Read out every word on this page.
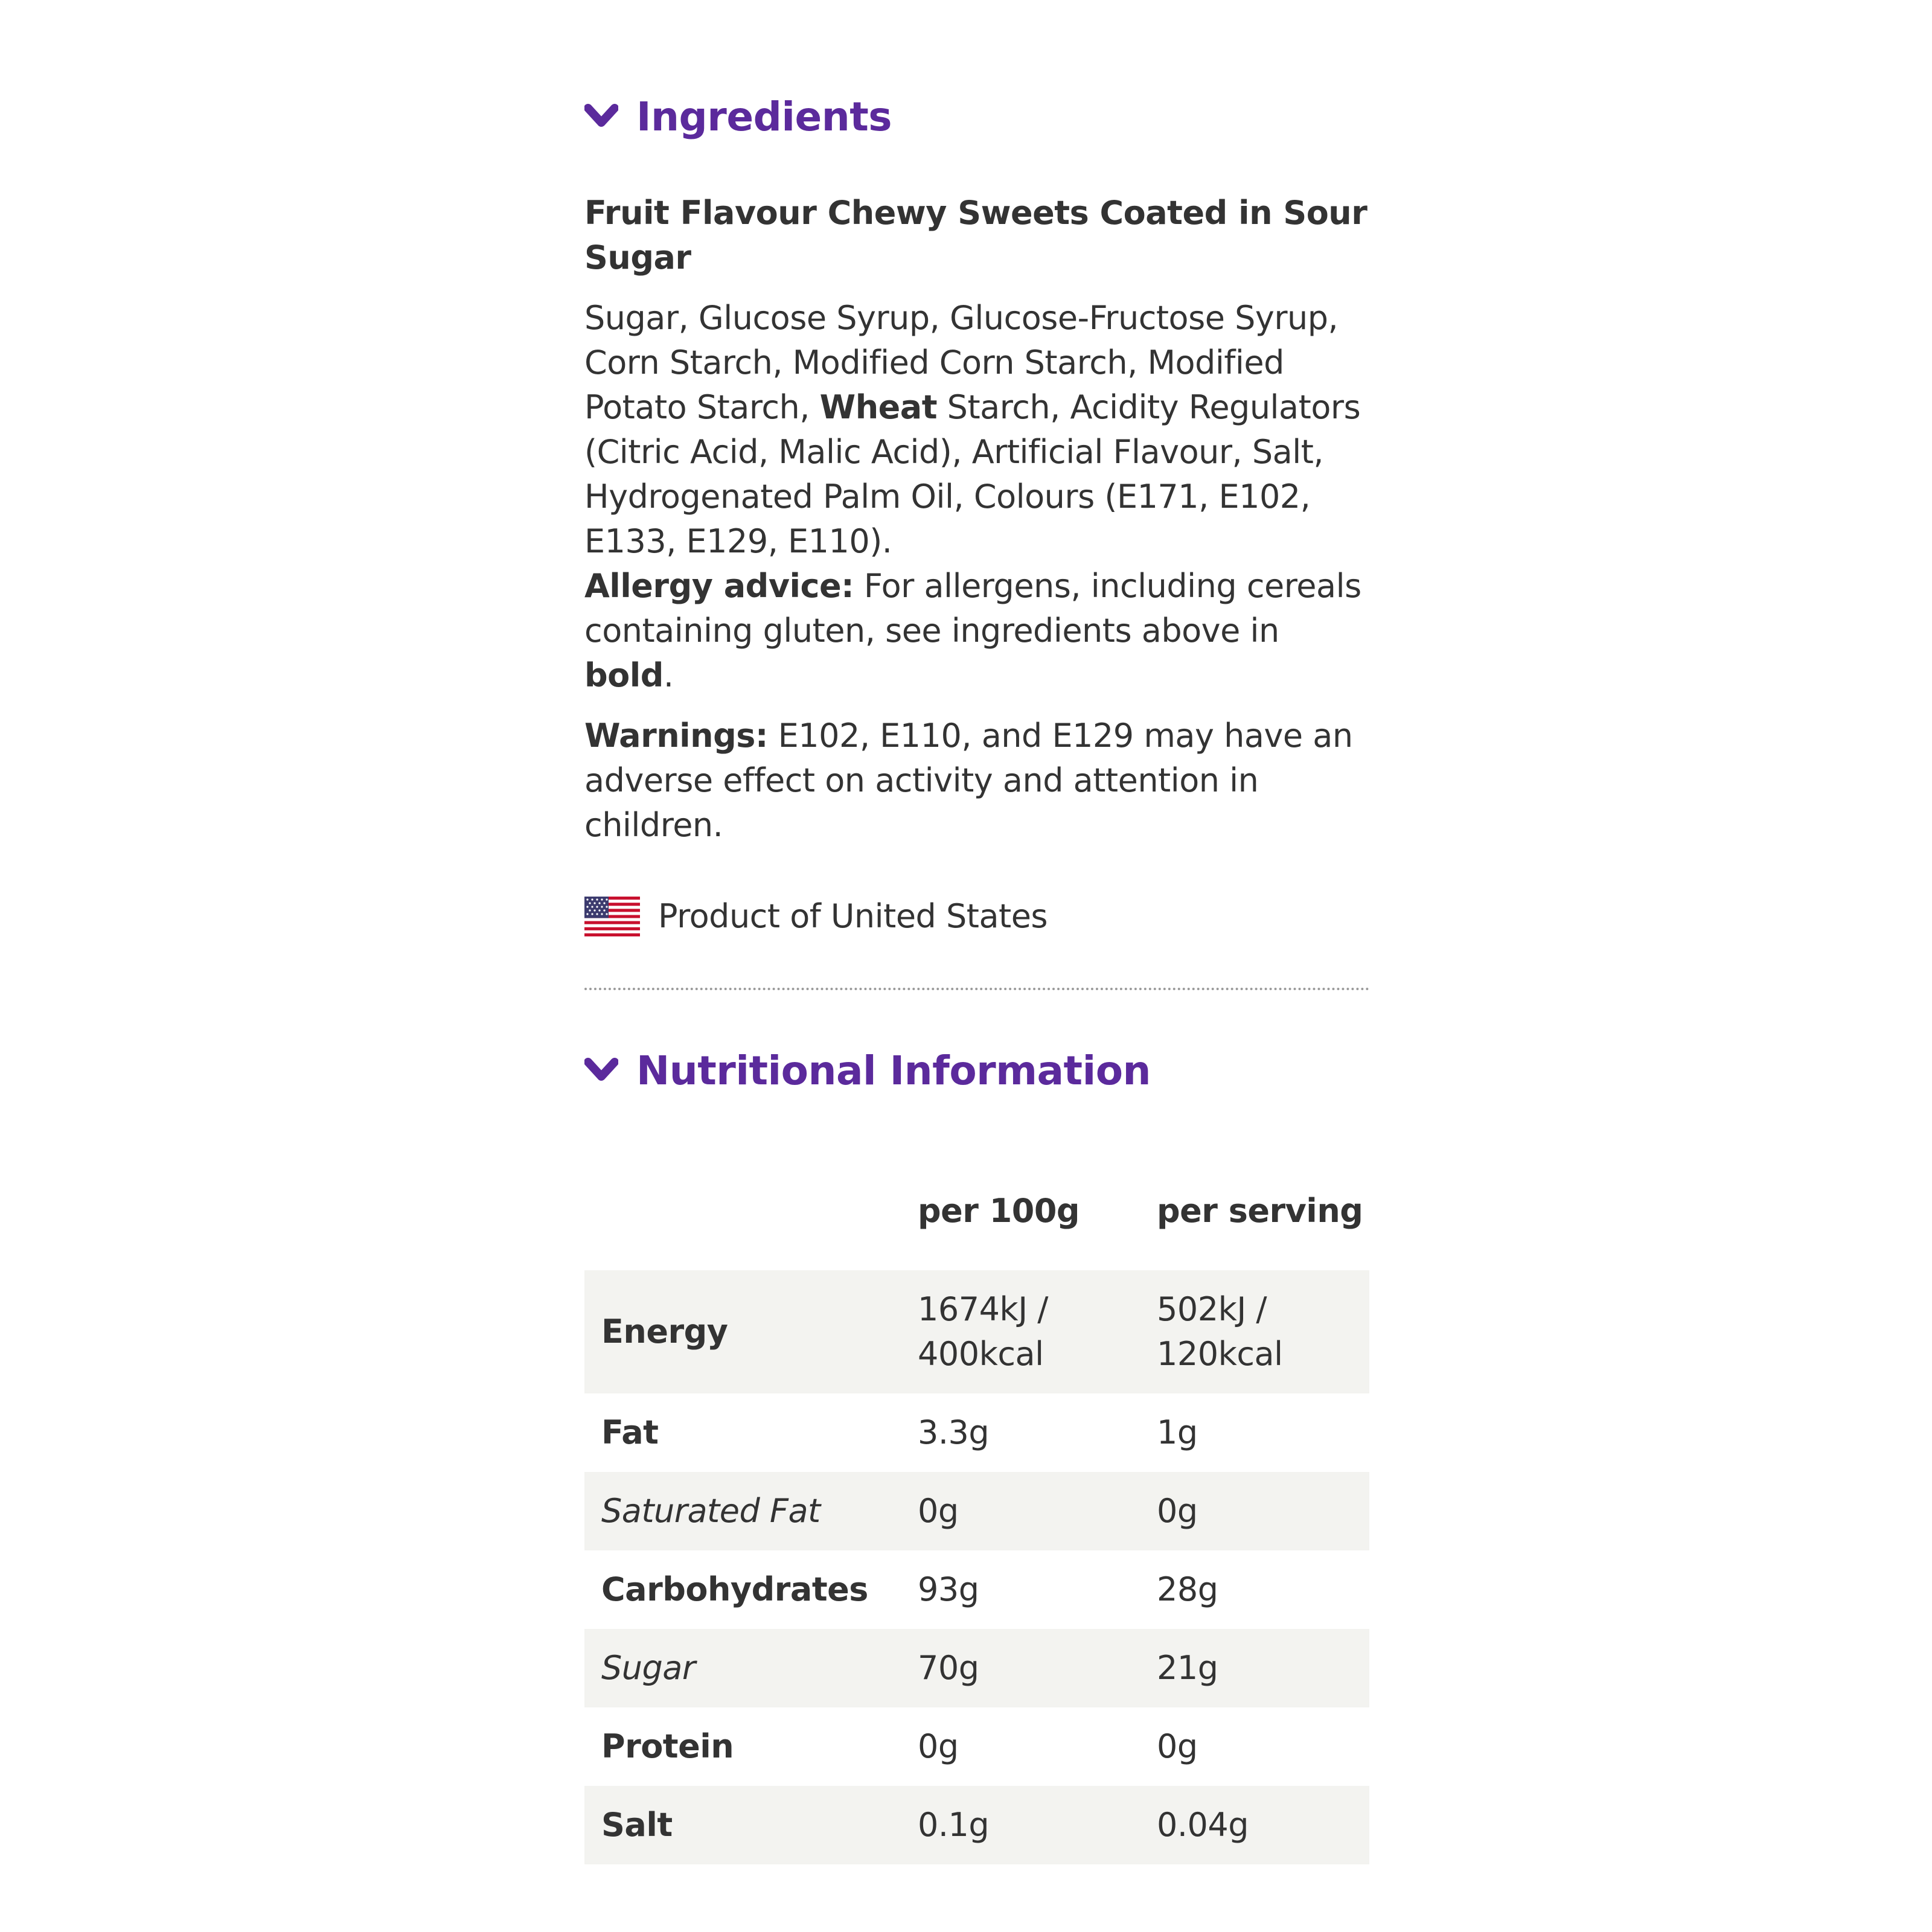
Ingredients

Fruit Flavour Chewy Sweets Coated in Sour Sugar

Sugar, Glucose Syrup, Glucose-Fructose Syrup, Corn Starch, Modified Corn Starch, Modified Potato Starch, Wheat Starch, Acidity Regulators (Citric Acid, Malic Acid), Artificial Flavour, Salt, Hydrogenated Palm Oil, Colours (E171, E102, E133, E129, E110).

Allergy advice: For allergens, including cereals containing gluten, see ingredients above in bold.

Warnings: E102, E110, and E129 may have an adverse effect on activity and attention in children.

Product of United States
Nutritional Information
	per 100g	per serving
Energy	1674kJ / 400kcal	502kJ / 120kcal
Fat	3.3g	1g
Saturated Fat	0g	0g
Carbohydrates	93g	28g
Sugar	70g	21g
Protein	0g	0g
Salt	0.1g	0.04g
